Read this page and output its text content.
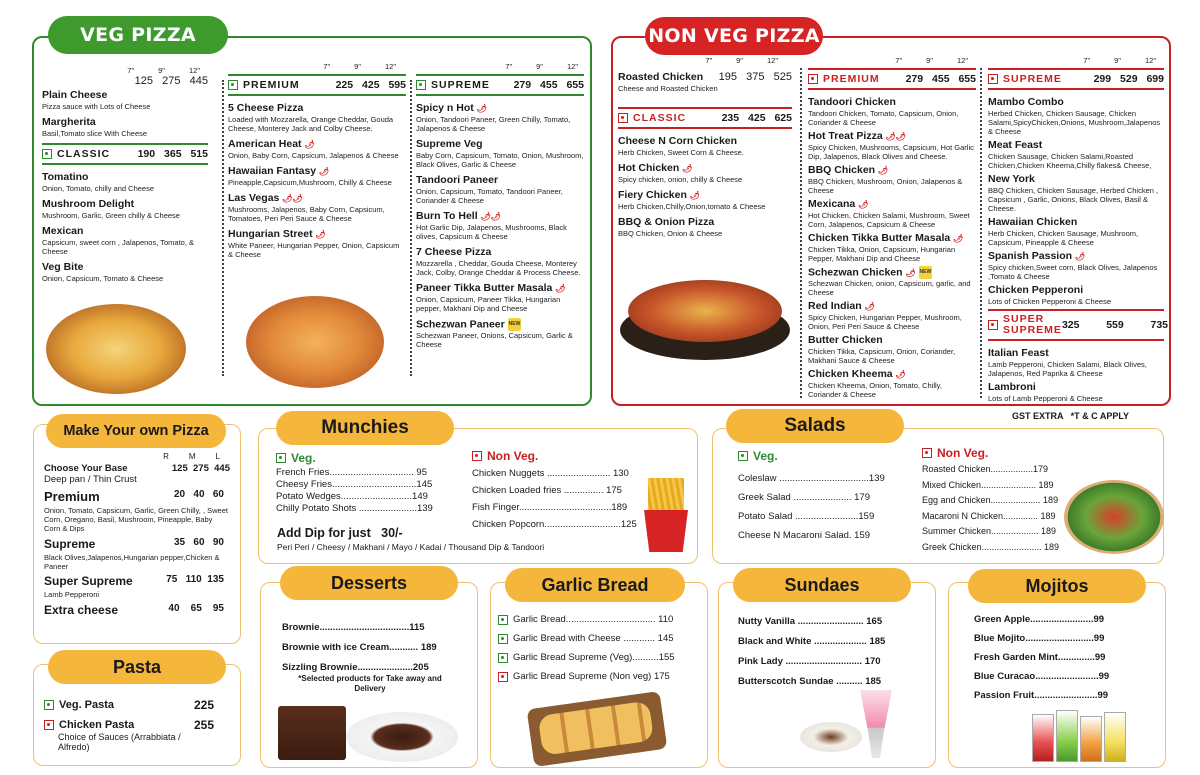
VEG PIZZA
7"	9"	12"
125   275   445
Plain Cheese
Pizza sauce with Lots of Cheese
Margherita
Basil,Tomato slice With Cheese
CLASSIC	190 365 515
Tomatino
Onion, Tomato, chilly and Cheese
Mushroom Delight
Mushroom, Garlic, Green chilly & Cheese
Mexican
Capsicum, sweet corn , Jalapenos, Tomato, & Cheese
Veg Bite
Onion, Capsicum, Tomato & Cheese
7"	9"	12"
PREMIUM	225 425 595
5 Cheese Pizza
Loaded with Mozzarella, Orange Cheddar, Gouda Cheese, Monterey Jack and Colby Cheese.
American Heat 🌶
Onion, Baby Corn, Capsicum, Jalapenos & Cheese
Hawaiian Fantasy 🌶
Pineapple,Capsicum,Mushroom, Chilly & Cheese
Las Vegas 🌶🌶
Mushrooms, Jalapenos, Baby Corn, Capsicum, Tomatoes, Peri Peri Sauce & Cheese
Hungarian Street 🌶
White Paneer, Hungarian Pepper, Onion, Capsicum & Cheese
7"	9"	12"
SUPREME 279 455 655
Spicy n Hot 🌶
Onion, Tandoori Paneer, Green Chilly, Tomato, Jalapenos & Cheese
Supreme Veg
Baby Corn, Capsicum, Tomato, Onion, Mushroom, Black Olives, Garlic & Cheese
Tandoori Paneer
Onion, Capsicum, Tomato, Tandoori Paneer, Coriander & Cheese
Burn To Hell 🌶🌶
Hot Garlic Dip, Jalapenos, Mushrooms, Black olives, Capsicum & Cheese
7 Cheese Pizza
Mozzarella , Cheddar, Gouda Cheese, Monterey Jack, Colby, Orange Cheddar & Process Cheese.
Paneer Tikka Butter Masala 🌶
Onion, Capsicum, Paneer Tikka, Hungarian pepper, Makhani Dip and Cheese
Schezwan Paneer NEW
Schezwan Paneer, Onions, Capsicum, Garlic & Cheese
NON VEG PIZZA
7"	9"	12"
Roasted Chicken 195   375   525
Cheese and Roasted Chicken
CLASSIC	235 425 625
Cheese N Corn Chicken
Herb Chicken, Sweet Corn & Cheese.
Hot Chicken 🌶
Spicy chicken, onion, chilly & Cheese
Fiery Chicken 🌶
Herb Chicken,Chilly,Onion,tomato & Cheese
BBQ & Onion Pizza
BBQ Chicken, Onion & Cheese
7"	9"	12"
PREMIUM 279 455 655
Tandoori Chicken
Tandoori Chicken, Tomato, Capsicum, Onion, Coriander & Cheese
Hot Treat Pizza 🌶🌶
Spicy Chicken, Mushrooms, Capsicum, Hot Garlic Dip, Jalapenos, Black Olives and Cheese.
BBQ Chicken 🌶
BBQ Chicken, Mushroom, Onion, Jalapenos & Cheese
Mexicana 🌶
Hot Chicken, Chicken Salami, Mushroom, Sweet Corn, Jalapenos, Capsicum & Cheese
Chicken Tikka Butter Masala 🌶
Chicken Tikka, Onion, Capsicum, Hungarian Pepper, Makhani Dip and Cheese
Schezwan Chicken 🌶 NEW
Schezwan Chicken, onion, Capsicum, garlic, and Cheese
Red Indian 🌶
Spicy Chicken, Hungarian Pepper, Mushroom, Onion, Peri Peri Sauce & Cheese
Butter Chicken
Chicken Tikka, Capsicum, Onion, Coriander, Makhani Sauce & Cheese
Chicken Kheema 🌶
Chicken Kheema, Onion, Tomato, Chilly, Coriander & Cheese
7"	9"	12"
SUPREME	299 529 699
Mambo Combo
Herbed Chicken, Chicken Sausage, Chicken Salami,SpicyChicken,Onions, Mushroom,Jalapenos & Cheese
Meat Feast
Chicken Sausage, Chicken Salami,Roasted Chicken,Chicken Kheema,Chilly flakes& Cheese,
New York
BBQ Chicken, Chicken Sausage, Herbed Chicken , Capsicum , Garlic, Onions, Black Olives, Basil & Cheese.
Hawaiian Chicken
Herb Chicken, Chicken Sausage, Mushroom, Capsicum, Pineapple & Cheese
Spanish Passion 🌶
Spicy chicken,Sweet corn, Black Olives, Jalapenos ,Tomato & Cheese
Chicken Pepperoni
Lots of Chicken Pepperoni & Cheese
SUPER
SUPREME 325   559   735
Italian Feast
Lamb Pepperoni, Chicken Salami, Black Olives, Jalapenos, Red Paprika & Cheese
Lambroni
Lots of Lamb Pepperoni & Cheese
GST EXTRA   *T & C APPLY
Make Your own Pizza
R	M	L
Choose Your Base	125  275  445
Deep pan / Thin Crust
Premium	20   40   60
Onion, Tomato, Capsicum, Garlic, Green Chilly, , Sweet Corn, Oregano, Basil, Mushroom, Pineapple, Baby Corn & Dips
Supreme	35   60   90
Black Olives,Jalapenos,Hungarian pepper,Chicken & Paneer
Super Supreme	75   110  135
Lamb Pepperoni
Extra cheese	40    65    95
Pasta
Veg. Pasta	225
Chicken Pasta	255
Choice of Sauces (Arrabbiata / Alfredo)
Munchies
Veg.
French Fries................................ 95
Cheesy Fries................................145
Potato Wedges...........................149
Chilly Potato Shots ......................139
Non Veg.
Chicken Nuggets ........................ 130
Chicken Loaded fries ............... 175
Fish Finger...................................189
Chicken Popcorn.............................125
Add Dip for just   30/-
Peri Peri / Cheesy / Makhani / Mayo / Kadai / Thousand Dip & Tandoori
Salads
Veg.
Coleslaw ..................................139
Greek Salad ...................... 179
Potato Salad ........................159
Cheese N Macaroni Salad. 159
Non Veg.
Roasted Chicken.................179
Mixed Chicken...................... 189
Egg and Chicken.................... 189
Macaroni N Chicken.............. 189
Summer Chicken................... 189
Greek Chicken........................ 189
Desserts
Brownie..................................115
Brownie with ice Cream........... 189
Sizzling Brownie.....................205
*Selected products for Take away and Delivery
Garlic Bread
Garlic Bread.................................. 110
Garlic Bread with Cheese ............ 145
Garlic Bread Supreme (Veg)..........155
Garlic Bread Supreme (Non veg) 175
Sundaes
Nutty Vanilla ......................... 165
Black and White .................... 185
Pink Lady ............................. 170
Butterscotch Sundae .......... 185
Mojitos
Green Apple........................99
Blue Mojito..........................99
Fresh Garden Mint..............99
Blue Curacao........................99
Passion Fruit........................99
